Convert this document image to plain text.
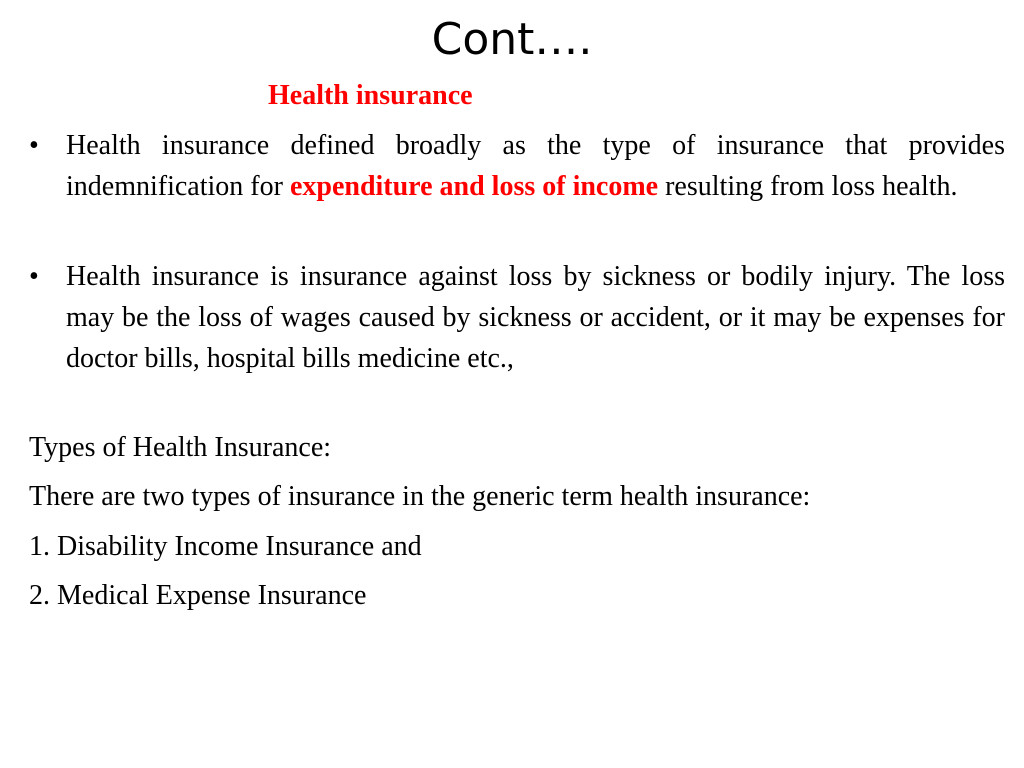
Cont….
Health insurance
• Health insurance defined broadly as the type of insurance that provides indemnification for expenditure and loss of income resulting from loss health.
• Health insurance is insurance against loss by sickness or bodily injury. The loss may be the loss of wages caused by sickness or accident, or it may be expenses for doctor bills, hospital bills medicine etc.,
Types of Health Insurance:
There are two types of insurance in the generic term health insurance:
1. Disability Income Insurance and
2. Medical Expense Insurance
